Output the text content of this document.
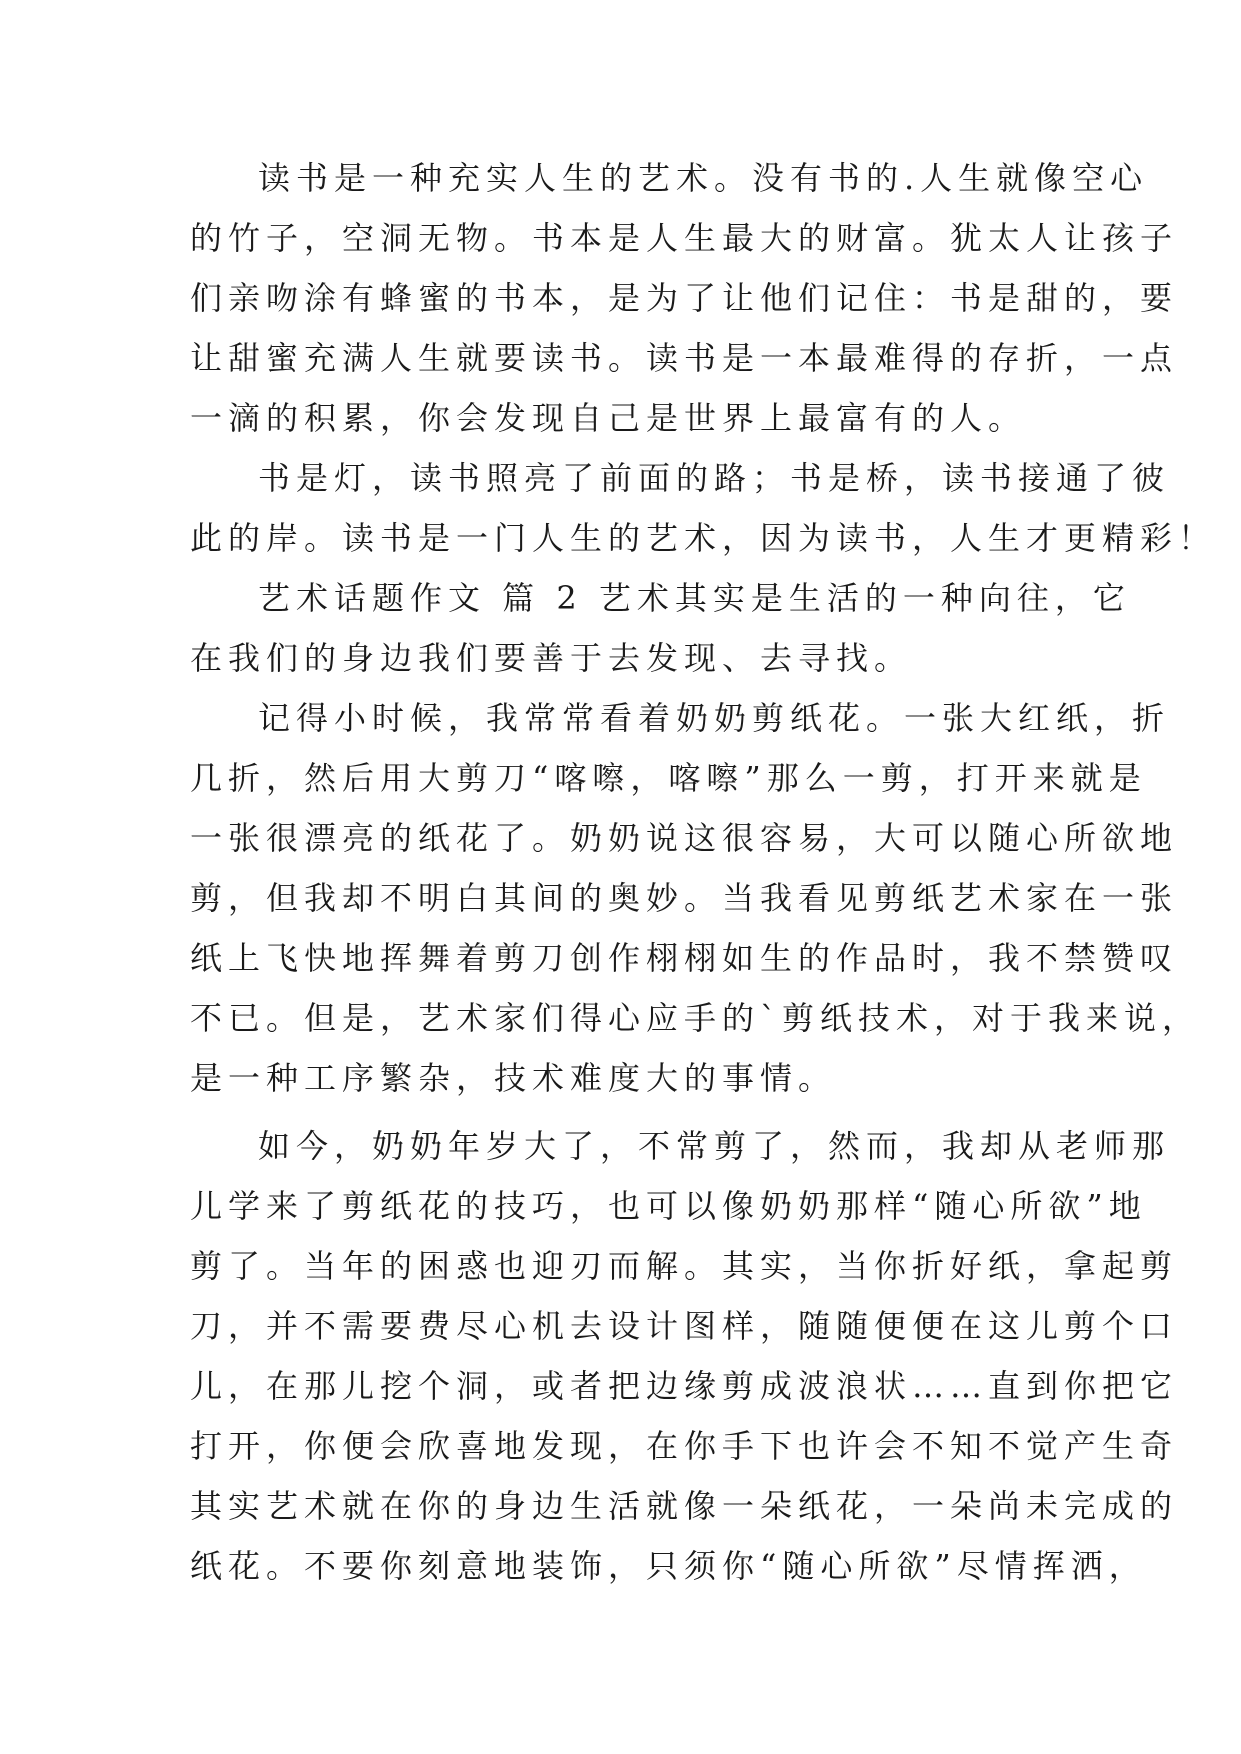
读书是一种充实人生的艺术。没有书的.人生就像空心

的竹子，空洞无物。书本是人生最大的财富。犹太人让孩子

们亲吻涂有蜂蜜的书本，是为了让他们记住：书是甜的，要

让甜蜜充满人生就要读书。读书是一本最难得的存折，一点

一滴的积累，你会发现自己是世界上最富有的人。

书是灯，读书照亮了前面的路；书是桥，读书接通了彼

此的岸。读书是一门人生的艺术，因为读书，人生才更精彩！

艺术话题作文 篇 2 艺术其实是生活的一种向往，它

在我们的身边我们要善于去发现、去寻找。

记得小时候，我常常看着奶奶剪纸花。一张大红纸，折

几折，然后用大剪刀“喀嚓，喀嚓”那么一剪，打开来就是

一张很漂亮的纸花了。奶奶说这很容易，大可以随心所欲地

剪，但我却不明白其间的奥妙。当我看见剪纸艺术家在一张

纸上飞快地挥舞着剪刀创作栩栩如生的作品时，我不禁赞叹

不已。但是，艺术家们得心应手的`剪纸技术，对于我来说，

是一种工序繁杂，技术难度大的事情。

如今，奶奶年岁大了，不常剪了，然而，我却从老师那

儿学来了剪纸花的技巧，也可以像奶奶那样“随心所欲”地

剪了。当年的困惑也迎刃而解。其实，当你折好纸，拿起剪

刀，并不需要费尽心机去设计图样，随随便便在这儿剪个口

儿，在那儿挖个洞，或者把边缘剪成波浪状……直到你把它

打开，你便会欣喜地发现，在你手下也许会不知不觉产生奇

其实艺术就在你的身边生活就像一朵纸花，一朵尚未完成的

纸花。不要你刻意地装饰，只须你“随心所欲”尽情挥洒，
